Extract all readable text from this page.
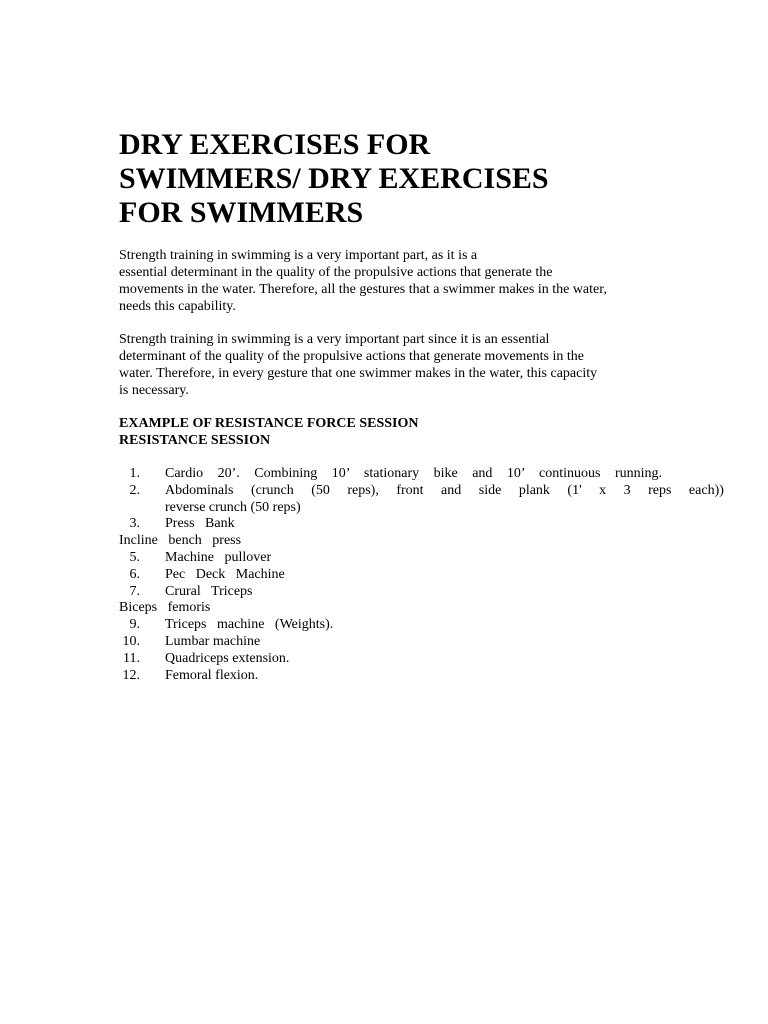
DRY EXERCISES FOR
SWIMMERS/ DRY EXERCISES
FOR SWIMMERS
Strength training in swimming is a very important part, as it is a
essential determinant in the quality of the propulsive actions that generate the
movements in the water. Therefore, all the gestures that a swimmer makes in the water,
needs this capability.
Strength training in swimming is a very important part since it is an essential
determinant of the quality of the propulsive actions that generate movements in the
water. Therefore, in every gesture that one swimmer makes in the water, this capacity
is necessary.
EXAMPLE OF RESISTANCE FORCE SESSION
RESISTANCE SESSION
1.	Cardio 20’. Combining 10’ stationary bike and 10’ continuous running.
2.	Abdominals (crunch (50 reps), front and side plank (1' x 3 reps each))
reverse crunch (50 reps)
3.	Press Bank
Incline bench press
5.	Machine pullover
6.	Pec Deck Machine
7.	Crural Triceps
Biceps femoris
9.	Triceps machine (Weights).
10.	Lumbar machine
11.	Quadriceps extension.
12.	Femoral flexion.
